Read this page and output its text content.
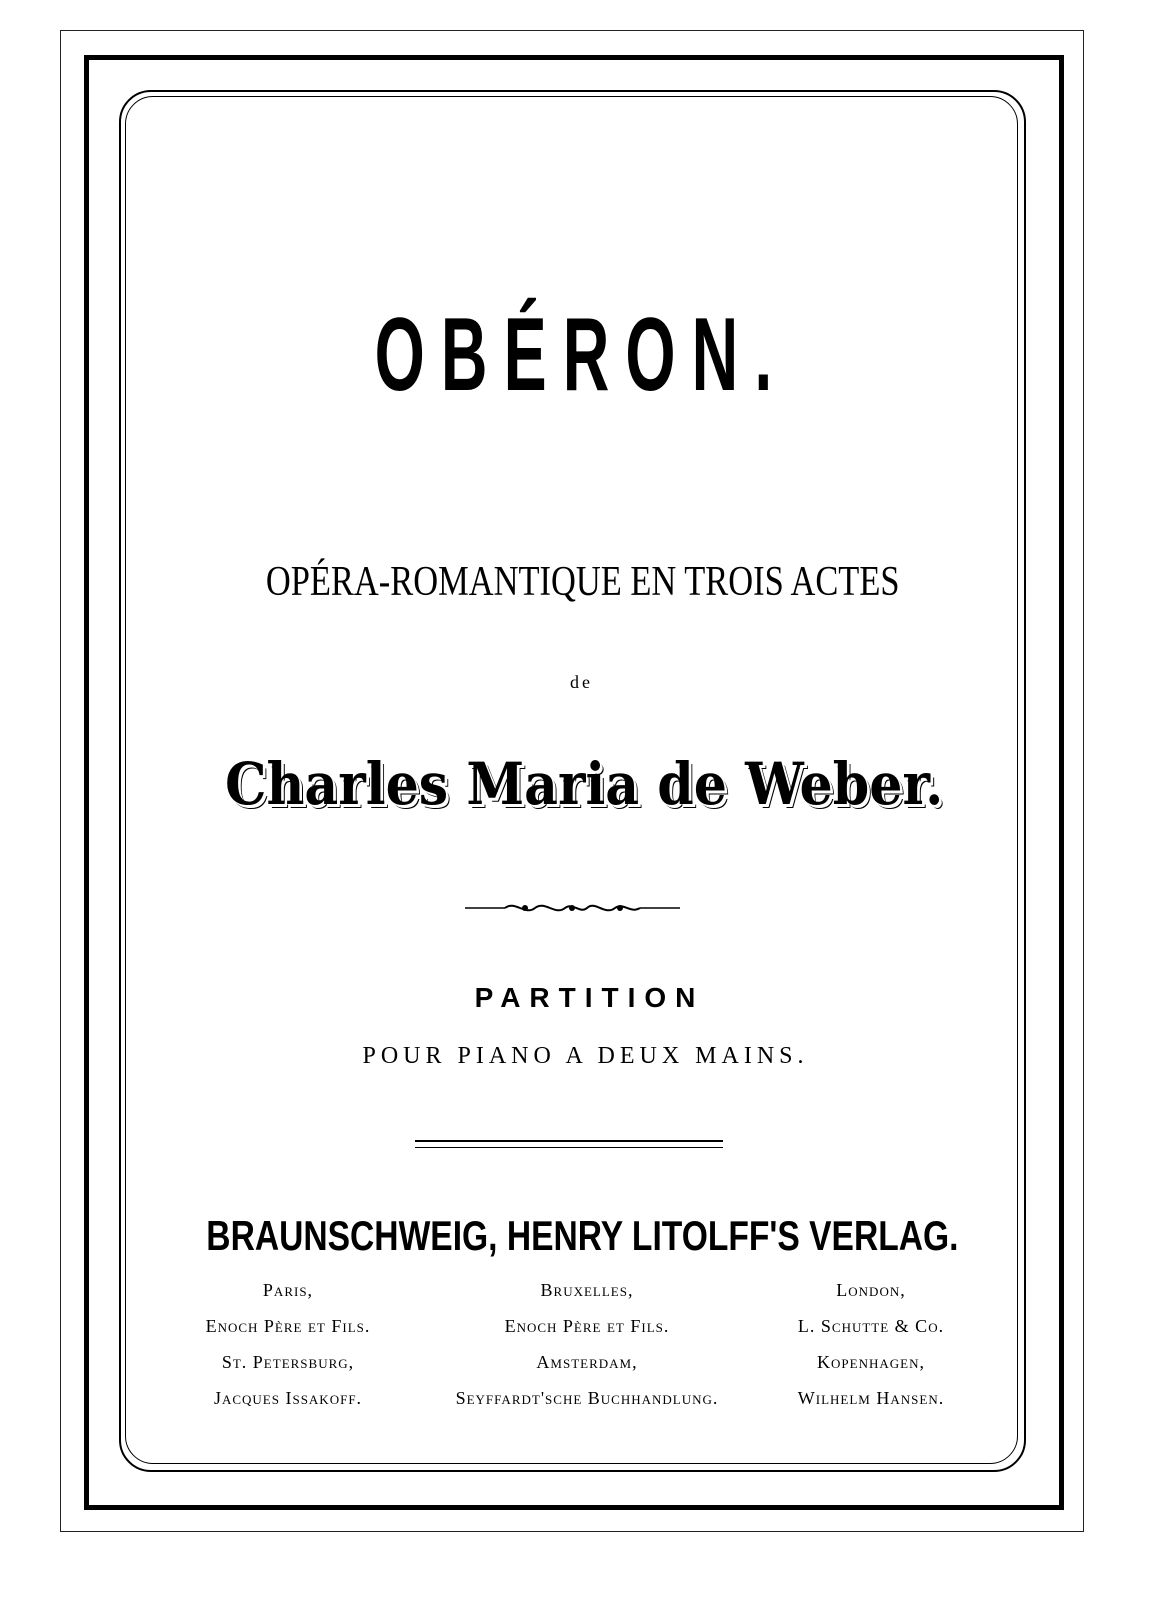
OBÉRON.
OPÉRA-ROMANTIQUE EN TROIS ACTES
de
Charles Maria de Weber.
PARTITION
POUR PIANO A DEUX MAINS.
BRAUNSCHWEIG, HENRY LITOLFF'S VERLAG.
Paris,
Enoch Père et Fils.
St. Petersburg,
Jacques Issakoff.
Bruxelles,
Enoch Père et Fils.
Amsterdam,
Seyffardt'sche Buchhandlung.
London,
L. Schutte & Co.
Kopenhagen,
Wilhelm Hansen.
